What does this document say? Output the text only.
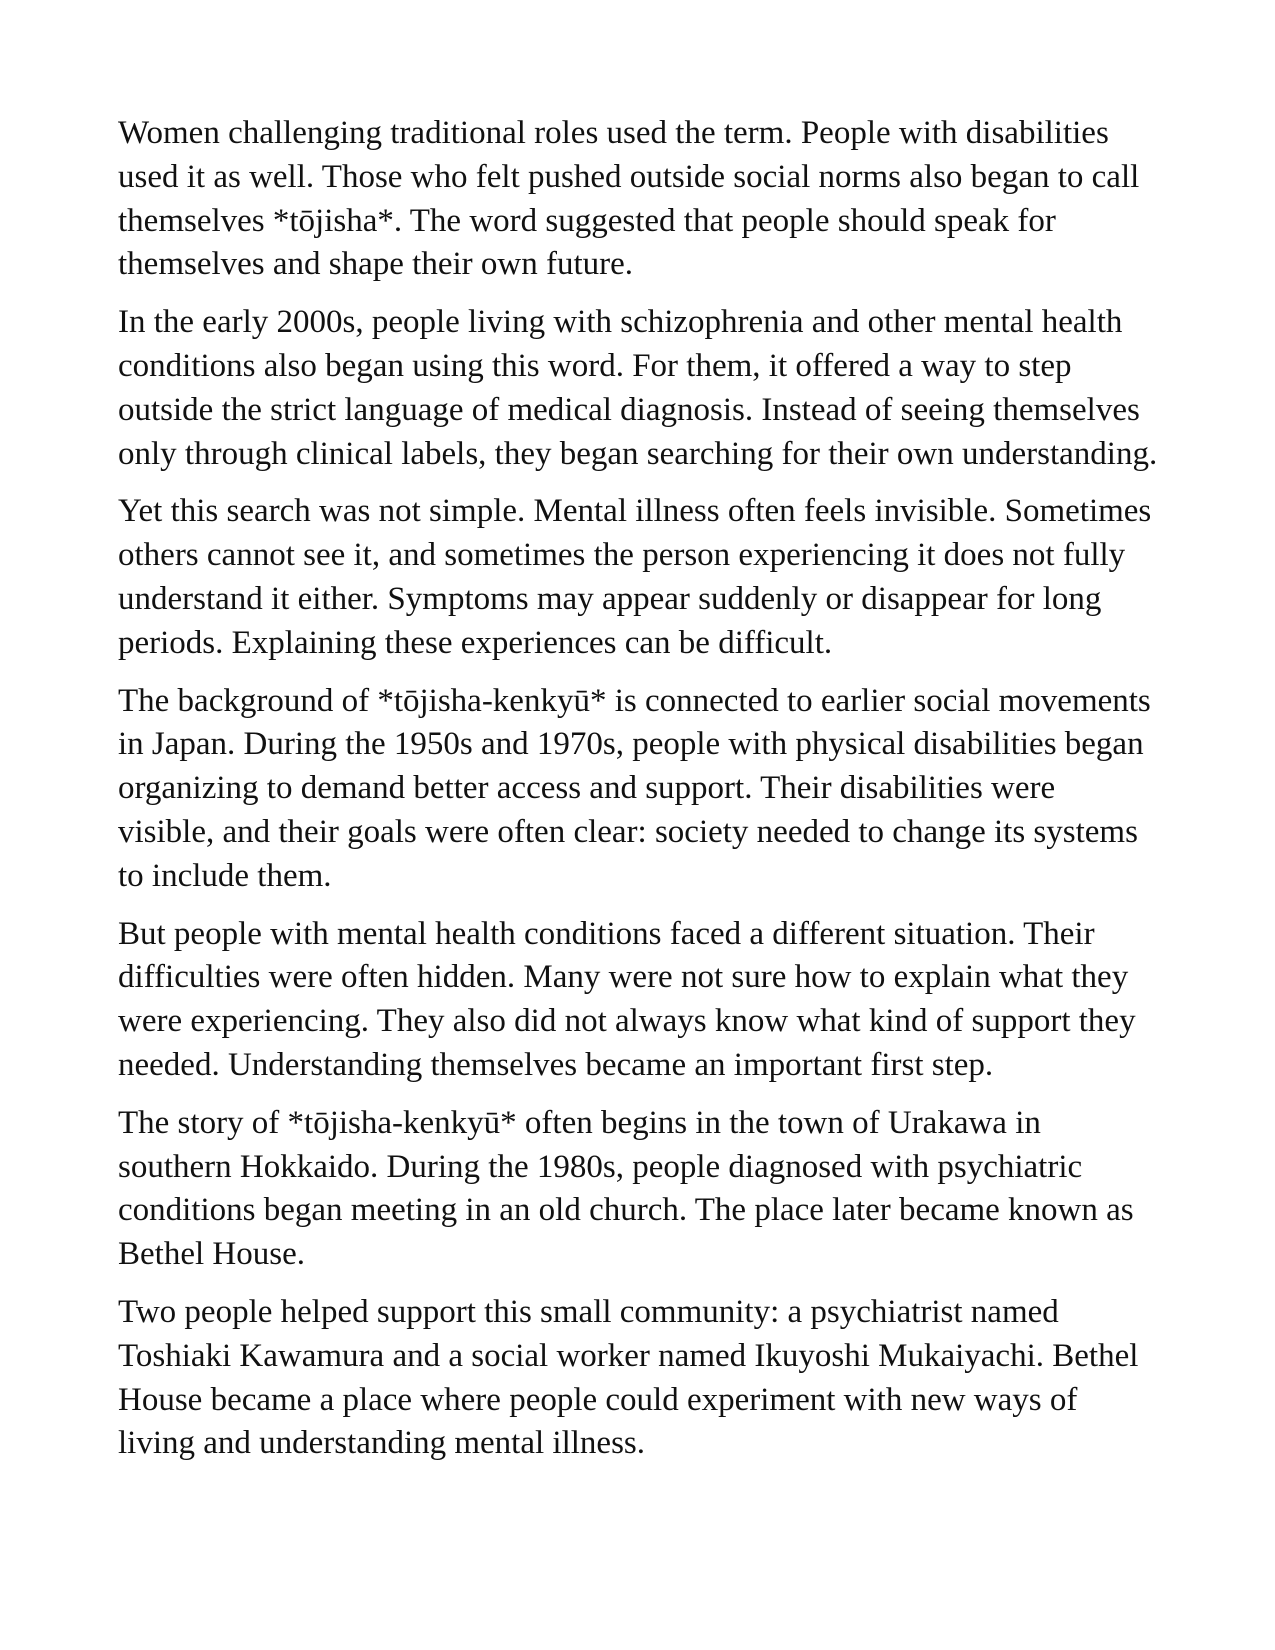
Women challenging traditional roles used the term. People with disabilities used it as well. Those who felt pushed outside social norms also began to call themselves *tōjisha*. The word suggested that people should speak for themselves and shape their own future.

In the early 2000s, people living with schizophrenia and other mental health conditions also began using this word. For them, it offered a way to step outside the strict language of medical diagnosis. Instead of seeing themselves only through clinical labels, they began searching for their own understanding.

Yet this search was not simple. Mental illness often feels invisible. Sometimes others cannot see it, and sometimes the person experiencing it does not fully understand it either. Symptoms may appear suddenly or disappear for long periods. Explaining these experiences can be difficult.

The background of *tōjisha-kenkyū* is connected to earlier social movements in Japan. During the 1950s and 1970s, people with physical disabilities began organizing to demand better access and support. Their disabilities were visible, and their goals were often clear: society needed to change its systems to include them.

But people with mental health conditions faced a different situation. Their difficulties were often hidden. Many were not sure how to explain what they were experiencing. They also did not always know what kind of support they needed. Understanding themselves became an important first step.

The story of *tōjisha-kenkyū* often begins in the town of Urakawa in southern Hokkaido. During the 1980s, people diagnosed with psychiatric conditions began meeting in an old church. The place later became known as Bethel House.

Two people helped support this small community: a psychiatrist named Toshiaki Kawamura and a social worker named Ikuyoshi Mukaiyachi. Bethel House became a place where people could experiment with new ways of living and understanding mental illness.
